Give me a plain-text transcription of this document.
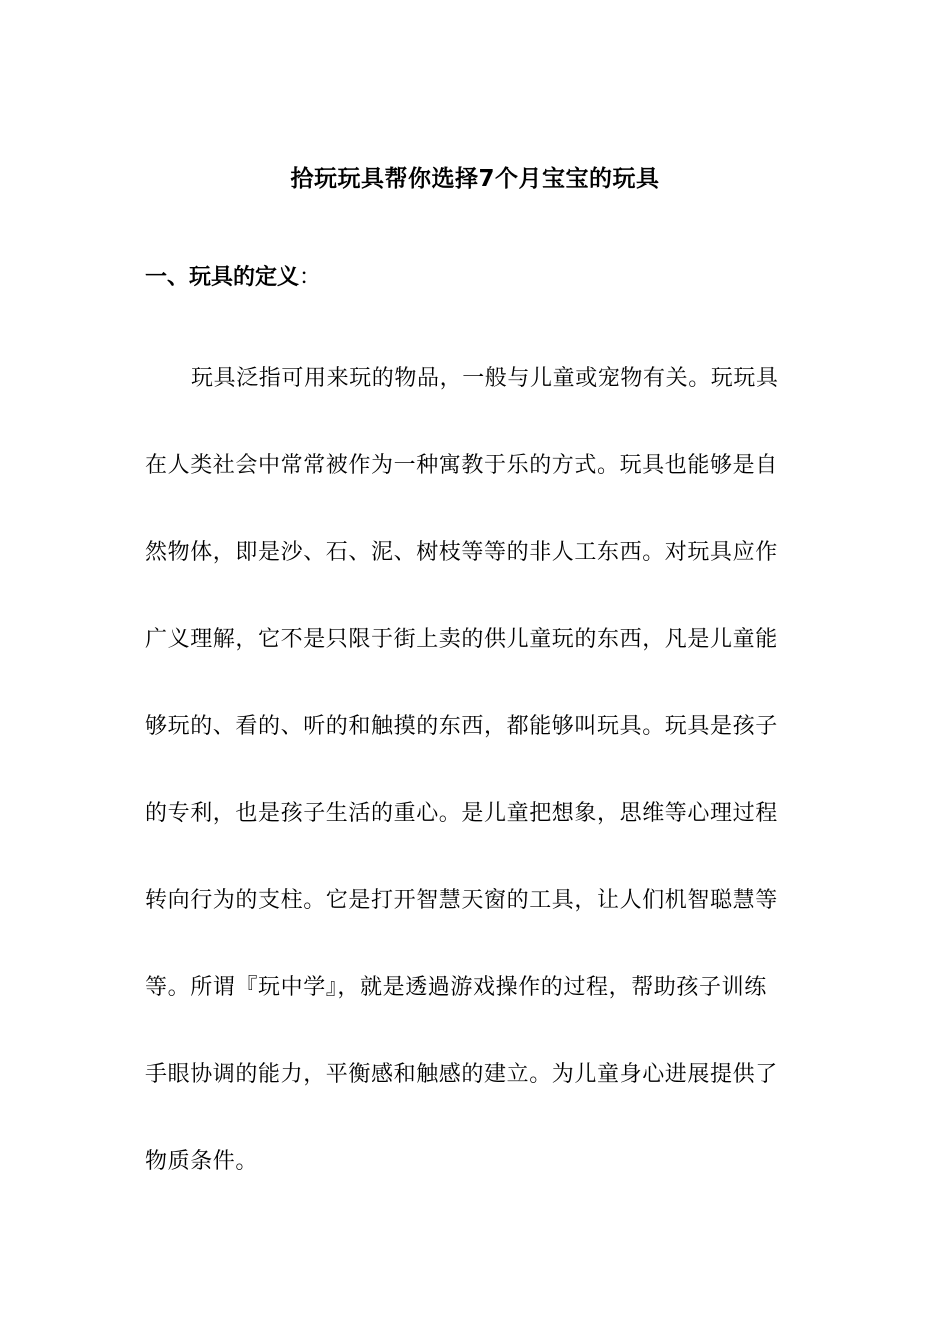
拾玩玩具帮你选择7个月宝宝的玩具
一、玩具的定义：
玩具泛指可用来玩的物品，一般与儿童或宠物有关。玩玩具
在人类社会中常常被作为一种寓教于乐的方式。玩具也能够是自
然物体，即是沙、石、泥、树枝等等的非人工东西。对玩具应作
广义理解，它不是只限于街上卖的供儿童玩的东西，凡是儿童能
够玩的、看的、听的和触摸的东西，都能够叫玩具。玩具是孩子
的专利，也是孩子生活的重心。是儿童把想象，思维等心理过程
转向行为的支柱。它是打开智慧天窗的工具，让人们机智聪慧等
等。所谓『玩中学』，就是透過游戏操作的过程，帮助孩子训练
手眼协调的能力，平衡感和触感的建立。为儿童身心进展提供了
物质条件。
